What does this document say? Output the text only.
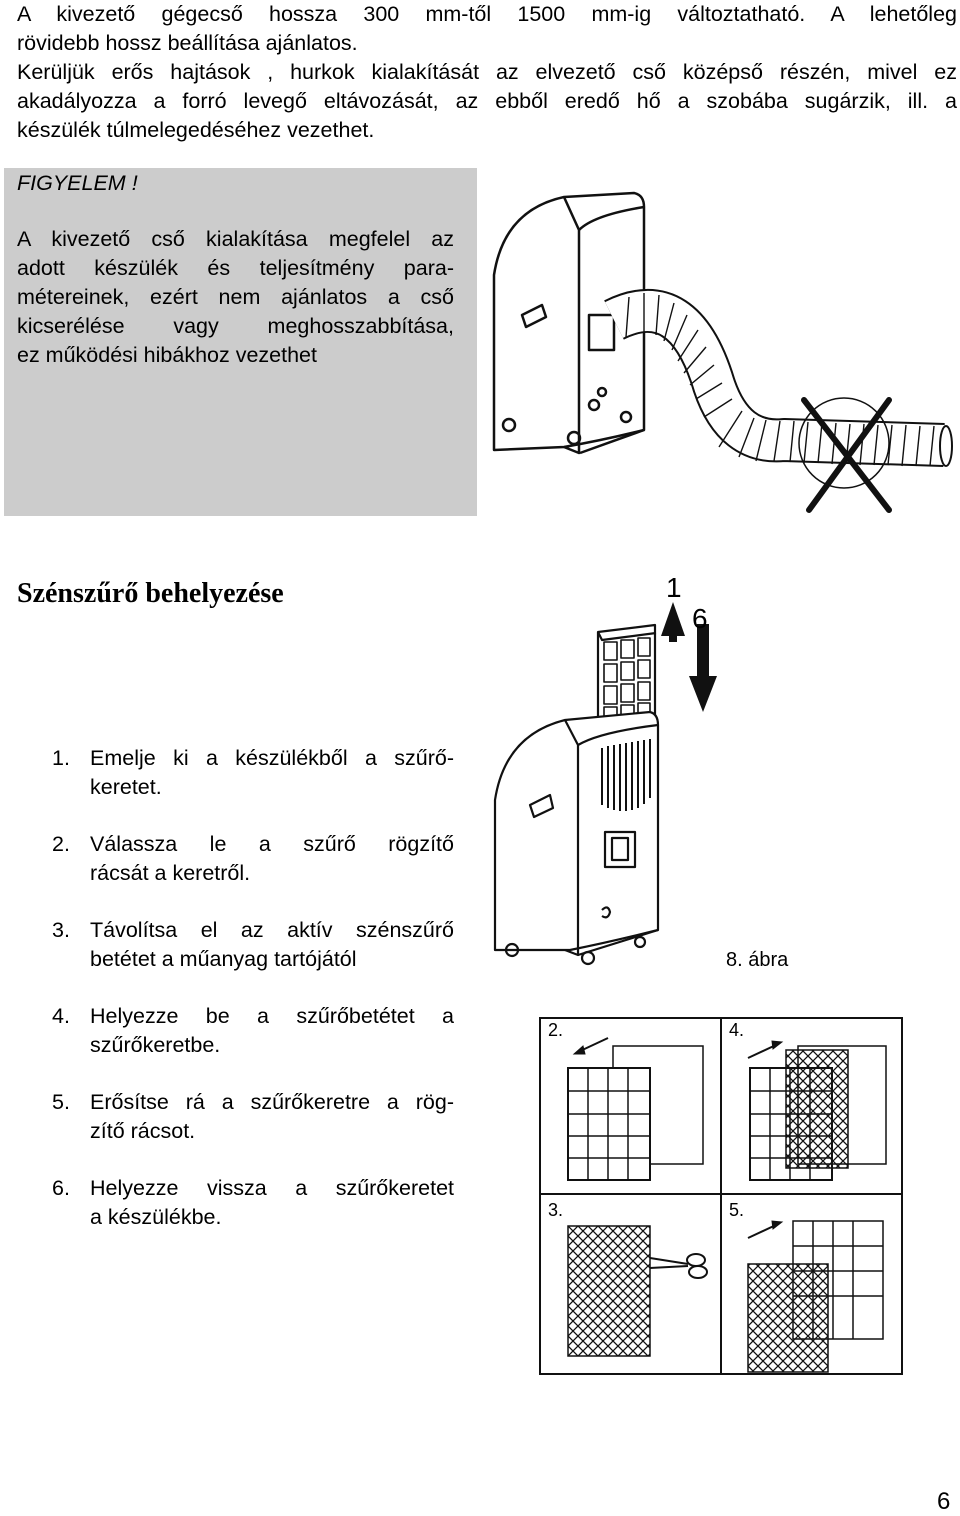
A kivezető gégecső hossza 300 mm-től 1500 mm-ig változtatható. A lehetőleg
rövidebb hossz beállítása ajánlatos.

Kerüljük erős hajtások , hurkok kialakítását az elvezető cső középső részén, mivel ez
akadályozza a forró levegő eltávozását, az ebből eredő hő a szobába sugárzik, ill. a
készülék túlmelegedéséhez vezethet.

FIGYELEM !
A kivezető cső kialakítása megfelel az
adott készülék és teljesítmény para-
métereinek, ezért nem ajánlatos a cső
kicserélése vagy meghosszabbítása,
ez működési hibákhoz vezethet
Szénszűrő behelyezése
1. Emelje ki a készülékből a szűrő-
keretet.
2. Válassza le a szűrő rögzítő
rácsát a keretről.
3. Távolítsa el az aktív szénszűrő
betétet a műanyag tartójától
4. Helyezze be a szűrőbetétet a
szűrőkeretbe.
5. Erősítse rá a szűrőkeretre a rög-
zítő rácsot.
6. Helyezze vissza a szűrőkeretet
a készülékbe.
1
6
8. ábra
2.	4.
3.	5.
6
